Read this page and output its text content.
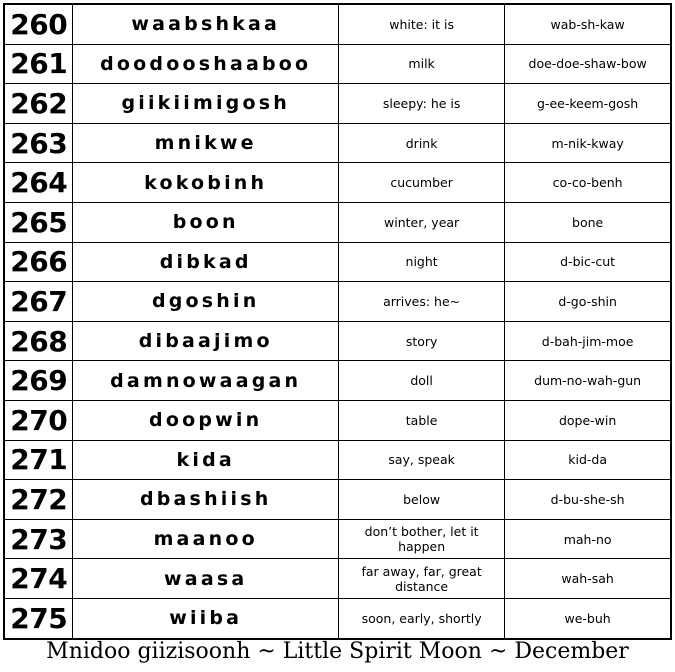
260	waabshkaa	white: it is	wab-sh-kaw
261	doodooshaaboo	milk	doe-doe-shaw-bow
262	giikiimigosh	sleepy: he is	g-ee-keem-gosh
263	mnikwe	drink	m-nik-kway
264	kokobinh	cucumber	co-co-benh
265	boon	winter, year	bone
266	dibkad	night	d-bic-cut
267	dgoshin	arrives: he~	d-go-shin
268	dibaajimo	story	d-bah-jim-moe
269	damnowaagan	doll	dum-no-wah-gun
270	doopwin	table	dope-win
271	kida	say, speak	kid-da
272	dbashiish	below	d-bu-she-sh
273	maanoo	don’t bother, let it happen	mah-no
274	waasa	far away, far, great distance	wah-sah
275	wiiba	soon, early, shortly	we-buh
Mnidoo giizisoonh ~ Little Spirit Moon ~ December
